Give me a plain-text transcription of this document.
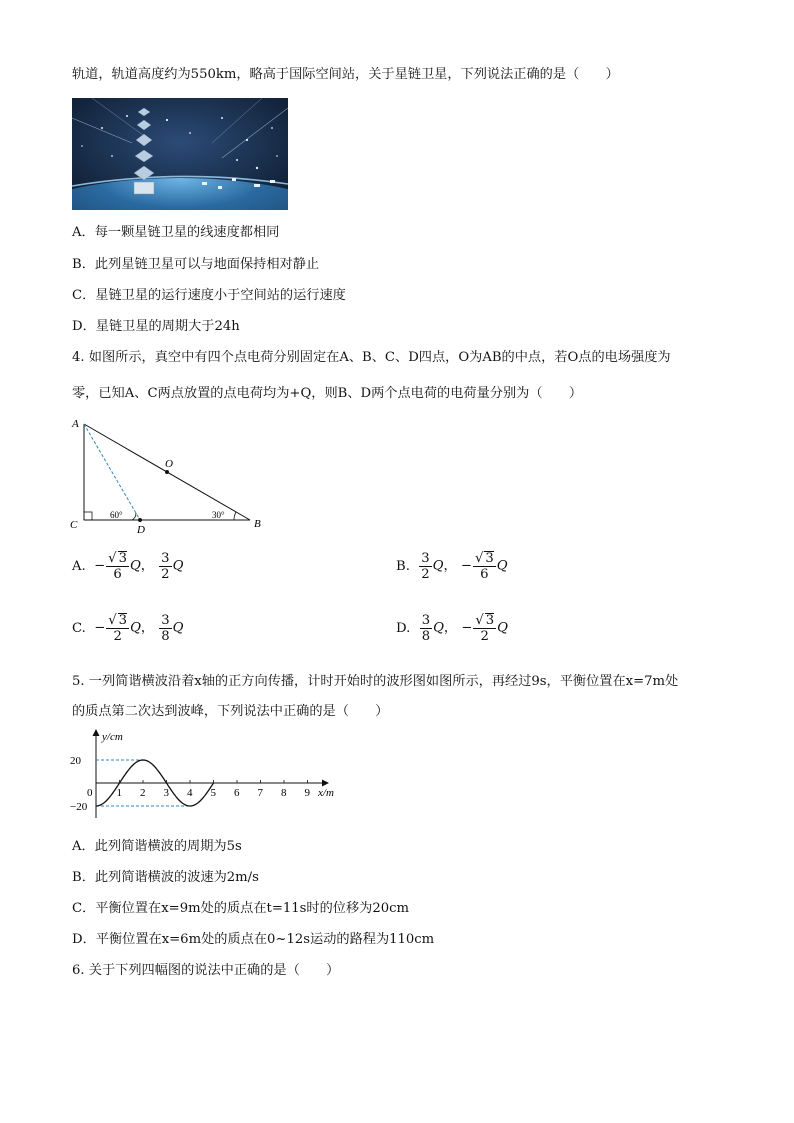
轨道，轨道高度约为550km，略高于国际空间站，关于星链卫星，下列说法正确的是（　　）
A．每一颗星链卫星的线速度都相同
B．此列星链卫星可以与地面保持相对静止
C．星链卫星的运行速度小于空间站的运行速度
D．星链卫星的周期大于24h
4. 如图所示，真空中有四个点电荷分别固定在A、B、C、D四点，O为AB的中点，若O点的电场强度为
零，已知A、C两点放置的点电荷均为+Q，则B、D两个点电荷的电荷量分别为（　　）
A
C	D	B
O
60°	30°
A. − $\frac{√ 3}{6}$ Q， $\frac{3}{2}$ Q	B. $\frac{3}{2}$ Q， − $\frac{√ 3}{6}$ Q
C. − $\frac{√ 3}{2}$ Q， $\frac{3}{8}$ Q	D. $\frac{3}{8}$ Q， − $\frac{√ 3}{2}$ Q
5. 一列简谐横波沿着x轴的正方向传播，计时开始时的波形图如图所示，再经过9s，平衡位置在x=7m处
的质点第二次达到波峰，下列说法中正确的是（　　）
0 1 2 3 4 5 6 7 8 9
20
−20
y/cm
x/m
A．此列简谐横波的周期为5s
B．此列简谐横波的波速为2m/s
C．平衡位置在x=9m处的质点在t=11s时的位移为20cm
D．平衡位置在x=6m处的质点在0~12s运动的路程为110cm
6. 关于下列四幅图的说法中正确的是（　　）
